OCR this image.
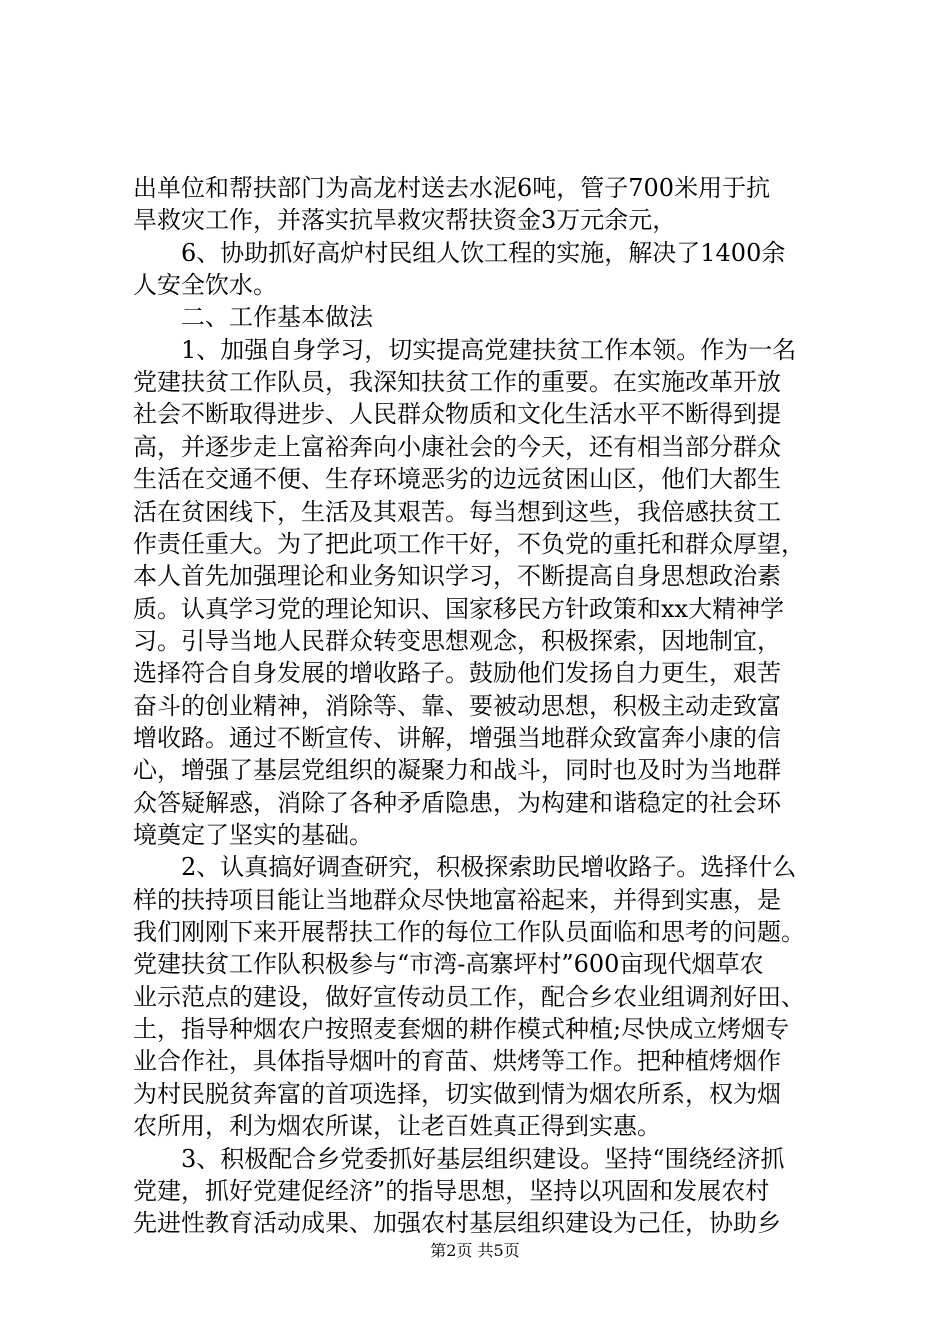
出单位和帮扶部门为高龙村送去水泥6吨，管子700米用于抗
旱救灾工作，并落实抗旱救灾帮扶资金3万元余元，
　　6、协助抓好高炉村民组人饮工程的实施，解决了1400余
人安全饮水。
　　二、工作基本做法
　　1、加强自身学习，切实提高党建扶贫工作本领。作为一名
党建扶贫工作队员，我深知扶贫工作的重要。在实施改革开放
社会不断取得进步、人民群众物质和文化生活水平不断得到提
高，并逐步走上富裕奔向小康社会的今天，还有相当部分群众
生活在交通不便、生存环境恶劣的边远贫困山区，他们大都生
活在贫困线下，生活及其艰苦。每当想到这些，我倍感扶贫工
作责任重大。为了把此项工作干好，不负党的重托和群众厚望，
本人首先加强理论和业务知识学习，不断提高自身思想政治素
质。认真学习党的理论知识、国家移民方针政策和xx大精神学
习。引导当地人民群众转变思想观念，积极探索，因地制宜，
选择符合自身发展的增收路子。鼓励他们发扬自力更生，艰苦
奋斗的创业精神，消除等、靠、要被动思想，积极主动走致富
增收路。通过不断宣传、讲解，增强当地群众致富奔小康的信
心，增强了基层党组织的凝聚力和战斗，同时也及时为当地群
众答疑解惑，消除了各种矛盾隐患，为构建和谐稳定的社会环
境奠定了坚实的基础。
　　2、认真搞好调查研究，积极探索助民增收路子。选择什么
样的扶持项目能让当地群众尽快地富裕起来，并得到实惠，是
我们刚刚下来开展帮扶工作的每位工作队员面临和思考的问题。
党建扶贫工作队积极参与“市湾-高寨坪村”600亩现代烟草农
业示范点的建设，做好宣传动员工作，配合乡农业组调剂好田、
土，指导种烟农户按照麦套烟的耕作模式种植;尽快成立烤烟专
业合作社，具体指导烟叶的育苗、烘烤等工作。把种植烤烟作
为村民脱贫奔富的首项选择，切实做到情为烟农所系，权为烟
农所用，利为烟农所谋，让老百姓真正得到实惠。
　　3、积极配合乡党委抓好基层组织建设。坚持“围绕经济抓
党建，抓好党建促经济”的指导思想，坚持以巩固和发展农村
先进性教育活动成果、加强农村基层组织建设为己任，协助乡
第2页 共5页
